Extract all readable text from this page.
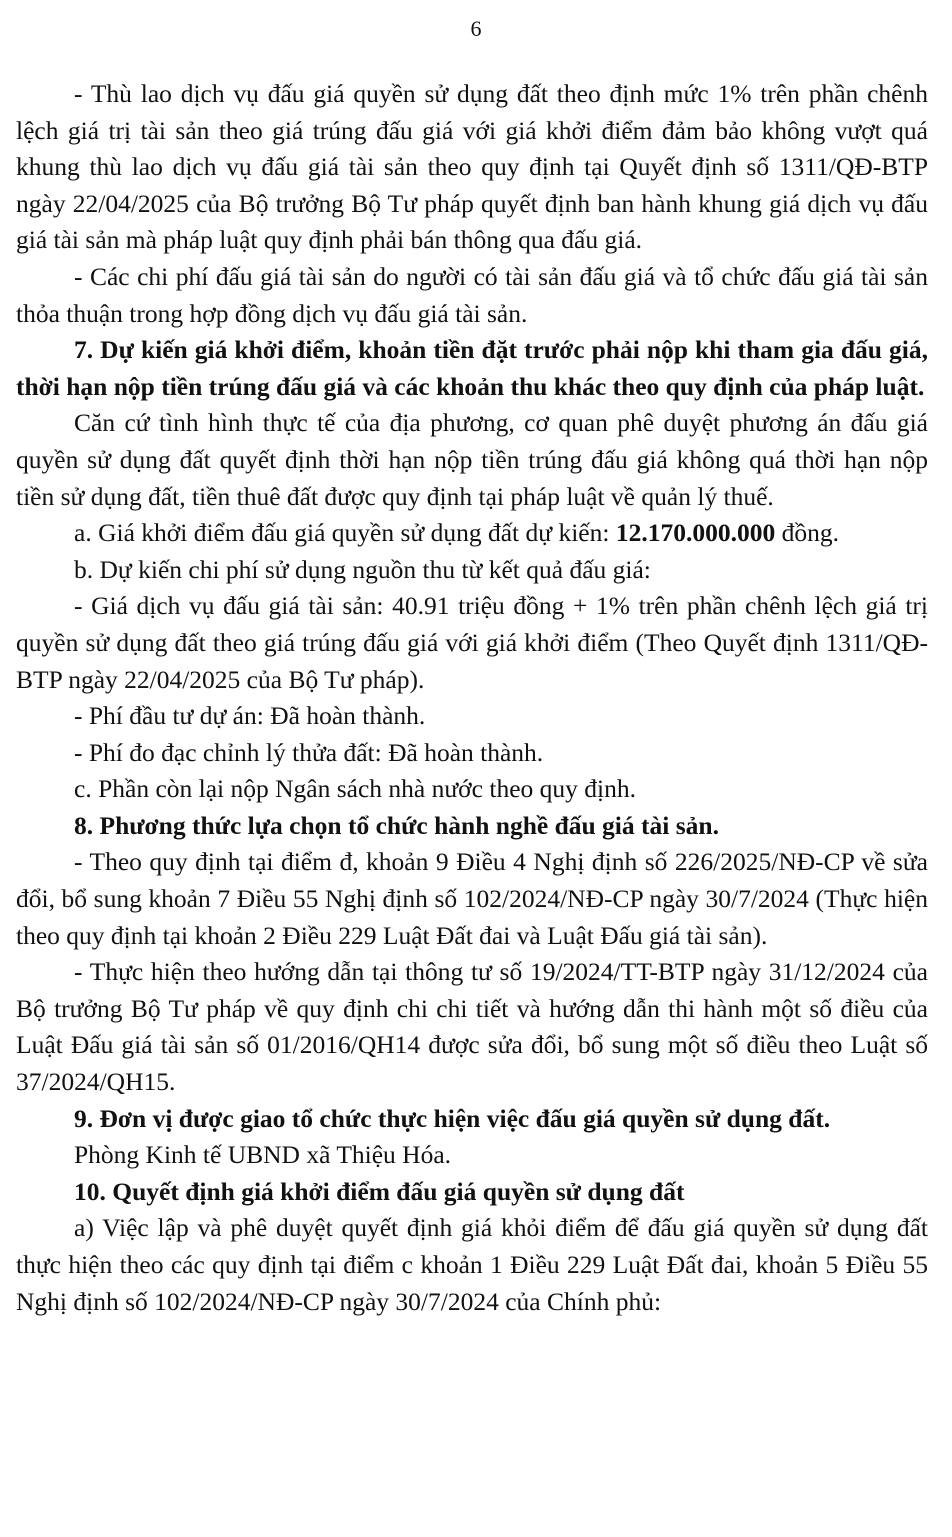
6

- Thù lao dịch vụ đấu giá quyền sử dụng đất theo định mức 1% trên phần chênh lệch giá trị tài sản theo giá trúng đấu giá với giá khởi điểm đảm bảo không vượt quá khung thù lao dịch vụ đấu giá tài sản theo quy định tại Quyết định số 1311/QĐ-BTP ngày 22/04/2025 của Bộ trưởng Bộ Tư pháp quyết định ban hành khung giá dịch vụ đấu giá tài sản mà pháp luật quy định phải bán thông qua đấu giá.

- Các chi phí đấu giá tài sản do người có tài sản đấu giá và tổ chức đấu giá tài sản thỏa thuận trong hợp đồng dịch vụ đấu giá tài sản.

7. Dự kiến giá khởi điểm, khoản tiền đặt trước phải nộp khi tham gia đấu giá, thời hạn nộp tiền trúng đấu giá và các khoản thu khác theo quy định của pháp luật.

Căn cứ tình hình thực tế của địa phương, cơ quan phê duyệt phương án đấu giá quyền sử dụng đất quyết định thời hạn nộp tiền trúng đấu giá không quá thời hạn nộp tiền sử dụng đất, tiền thuê đất được quy định tại pháp luật về quản lý thuế.

a. Giá khởi điểm đấu giá quyền sử dụng đất dự kiến: 12.170.000.000 đồng.

b. Dự kiến chi phí sử dụng nguồn thu từ kết quả đấu giá:

- Giá dịch vụ đấu giá tài sản: 40.91 triệu đồng + 1% trên phần chênh lệch giá trị quyền sử dụng đất theo giá trúng đấu giá với giá khởi điểm (Theo Quyết định 1311/QĐ-BTP ngày 22/04/2025 của Bộ Tư pháp).

- Phí đầu tư dự án: Đã hoàn thành.

- Phí đo đạc chỉnh lý thửa đất: Đã hoàn thành.

c. Phần còn lại nộp Ngân sách nhà nước theo quy định.

8. Phương thức lựa chọn tổ chức hành nghề đấu giá tài sản.

- Theo quy định tại điểm đ, khoản 9 Điều 4 Nghị định số 226/2025/NĐ-CP về sửa đổi, bổ sung khoản 7 Điều 55 Nghị định số 102/2024/NĐ-CP ngày 30/7/2024 (Thực hiện theo quy định tại khoản 2 Điều 229 Luật Đất đai và Luật Đấu giá tài sản).

- Thực hiện theo hướng dẫn tại thông tư số 19/2024/TT-BTP ngày 31/12/2024 của Bộ trưởng Bộ Tư pháp về quy định chi chi tiết và hướng dẫn thi hành một số điều của Luật Đấu giá tài sản số 01/2016/QH14 được sửa đổi, bổ sung một số điều theo Luật số 37/2024/QH15.

9. Đơn vị được giao tổ chức thực hiện việc đấu giá quyền sử dụng đất.

Phòng Kinh tế UBND xã Thiệu Hóa.

10. Quyết định giá khởi điểm đấu giá quyền sử dụng đất

a) Việc lập và phê duyệt quyết định giá khỏi điểm để đấu giá quyền sử dụng đất thực hiện theo các quy định tại điểm c khoản 1 Điều 229 Luật Đất đai, khoản 5 Điều 55 Nghị định số 102/2024/NĐ-CP ngày 30/7/2024 của Chính phủ:
